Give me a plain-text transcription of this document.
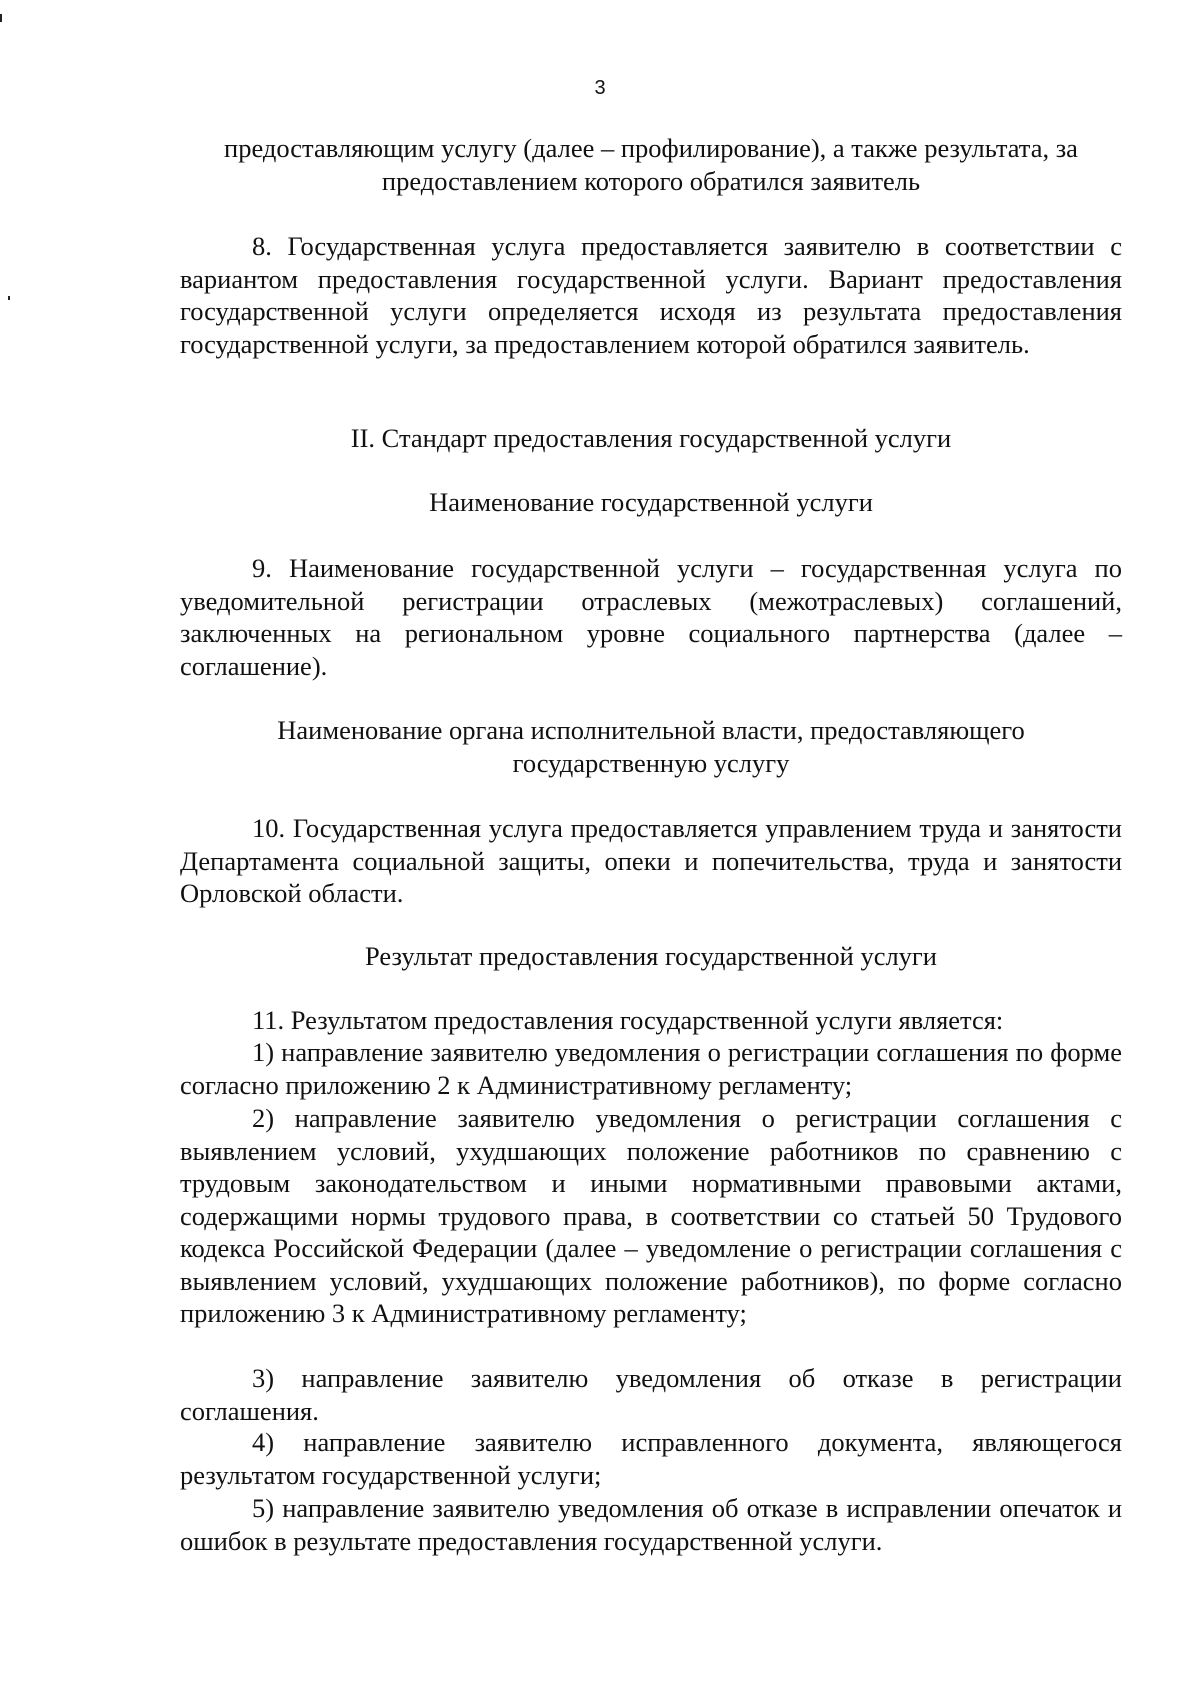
3

предоставляющим услугу (далее – профилирование), а также результата, за
предоставлением которого обратился заявитель

8. Государственная услуга предоставляется заявителю в соответствии с вариантом предоставления государственной услуги. Вариант предоставления государственной услуги определяется исходя из результата предоставления государственной услуги, за предоставлением которой обратился заявитель.

II. Стандарт предоставления государственной услуги

Наименование государственной услуги

9. Наименование государственной услуги – государственная услуга по уведомительной регистрации отраслевых (межотраслевых) соглашений, заключенных на региональном уровне социального партнерства (далее – соглашение).

Наименование органа исполнительной власти, предоставляющего
государственную услугу

10. Государственная услуга предоставляется управлением труда и занятости Департамента социальной защиты, опеки и попечительства, труда и занятости Орловской области.

Результат предоставления государственной услуги

11. Результатом предоставления государственной услуги является:

1) направление заявителю уведомления о регистрации соглашения по форме согласно приложению 2 к Административному регламенту;

2) направление заявителю уведомления о регистрации соглашения с выявлением условий, ухудшающих положение работников по сравнению с трудовым законодательством и иными нормативными правовыми актами, содержащими нормы трудового права, в соответствии со статьей 50 Трудового кодекса Российской Федерации (далее – уведомление о регистрации соглашения с выявлением условий, ухудшающих положение работников), по форме согласно приложению 3 к Административному регламенту;

3) направление заявителю уведомления об отказе в регистрации соглашения.

4) направление заявителю исправленного документа, являющегося результатом государственной услуги;

5) направление заявителю уведомления об отказе в исправлении опечаток и ошибок в результате предоставления государственной услуги.
